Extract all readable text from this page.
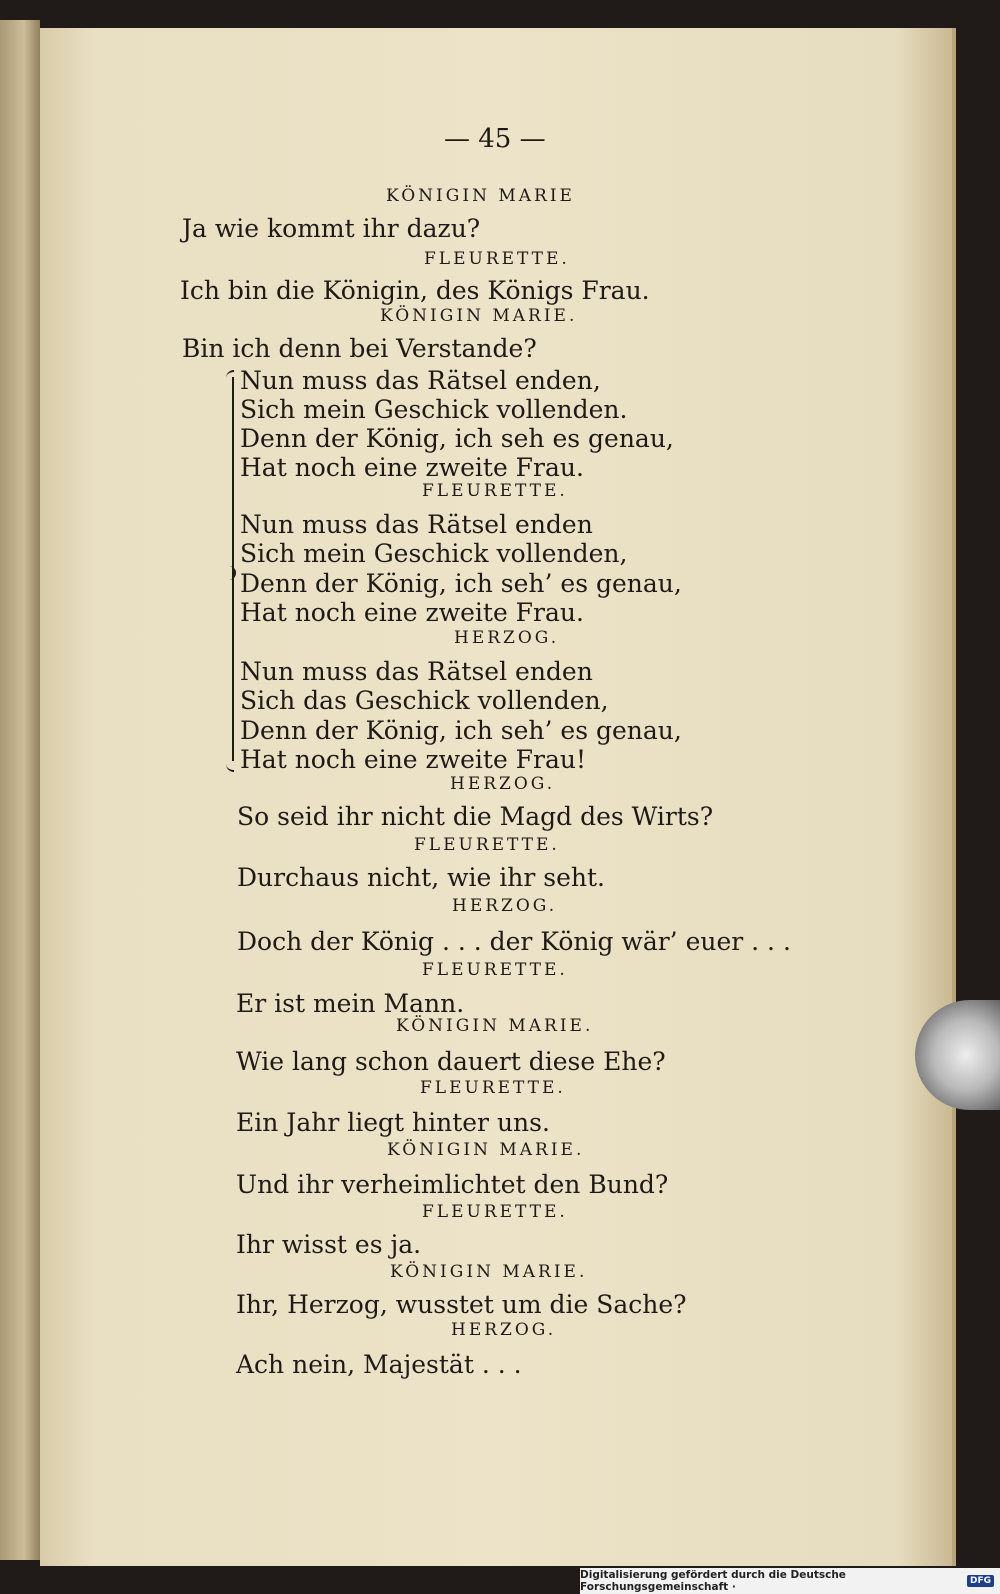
— 45 —

KÖNIGIN MARIE

Ja wie kommt ihr dazu?

FLEURETTE.

Ich bin die Königin, des Königs Frau.

KÖNIGIN MARIE.

Bin ich denn bei Verstande?

Nun muss das Rätsel enden,

Sich mein Geschick vollenden.

Denn der König, ich seh es genau,

Hat noch eine zweite Frau.

FLEURETTE.

Nun muss das Rätsel enden

Sich mein Geschick vollenden,

Denn der König, ich seh’ es genau,

Hat noch eine zweite Frau.

HERZOG.

Nun muss das Rätsel enden

Sich das Geschick vollenden,

Denn der König, ich seh’ es genau,

Hat noch eine zweite Frau!

HERZOG.

So seid ihr nicht die Magd des Wirts?

FLEURETTE.

Durchaus nicht, wie ihr seht.

HERZOG.

Doch der König . . . der König wär’ euer . . .

FLEURETTE.

Er ist mein Mann.

KÖNIGIN MARIE.

Wie lang schon dauert diese Ehe?

FLEURETTE.

Ein Jahr liegt hinter uns.

KÖNIGIN MARIE.

Und ihr verheimlichtet den Bund?

FLEURETTE.

Ihr wisst es ja.

KÖNIGIN MARIE.

Ihr, Herzog, wusstet um die Sache?

HERZOG.

Ach nein, Majestät . . .

Digitalisierung gefördert durch die Deutsche Forschungsgemeinschaft ·	DFG
